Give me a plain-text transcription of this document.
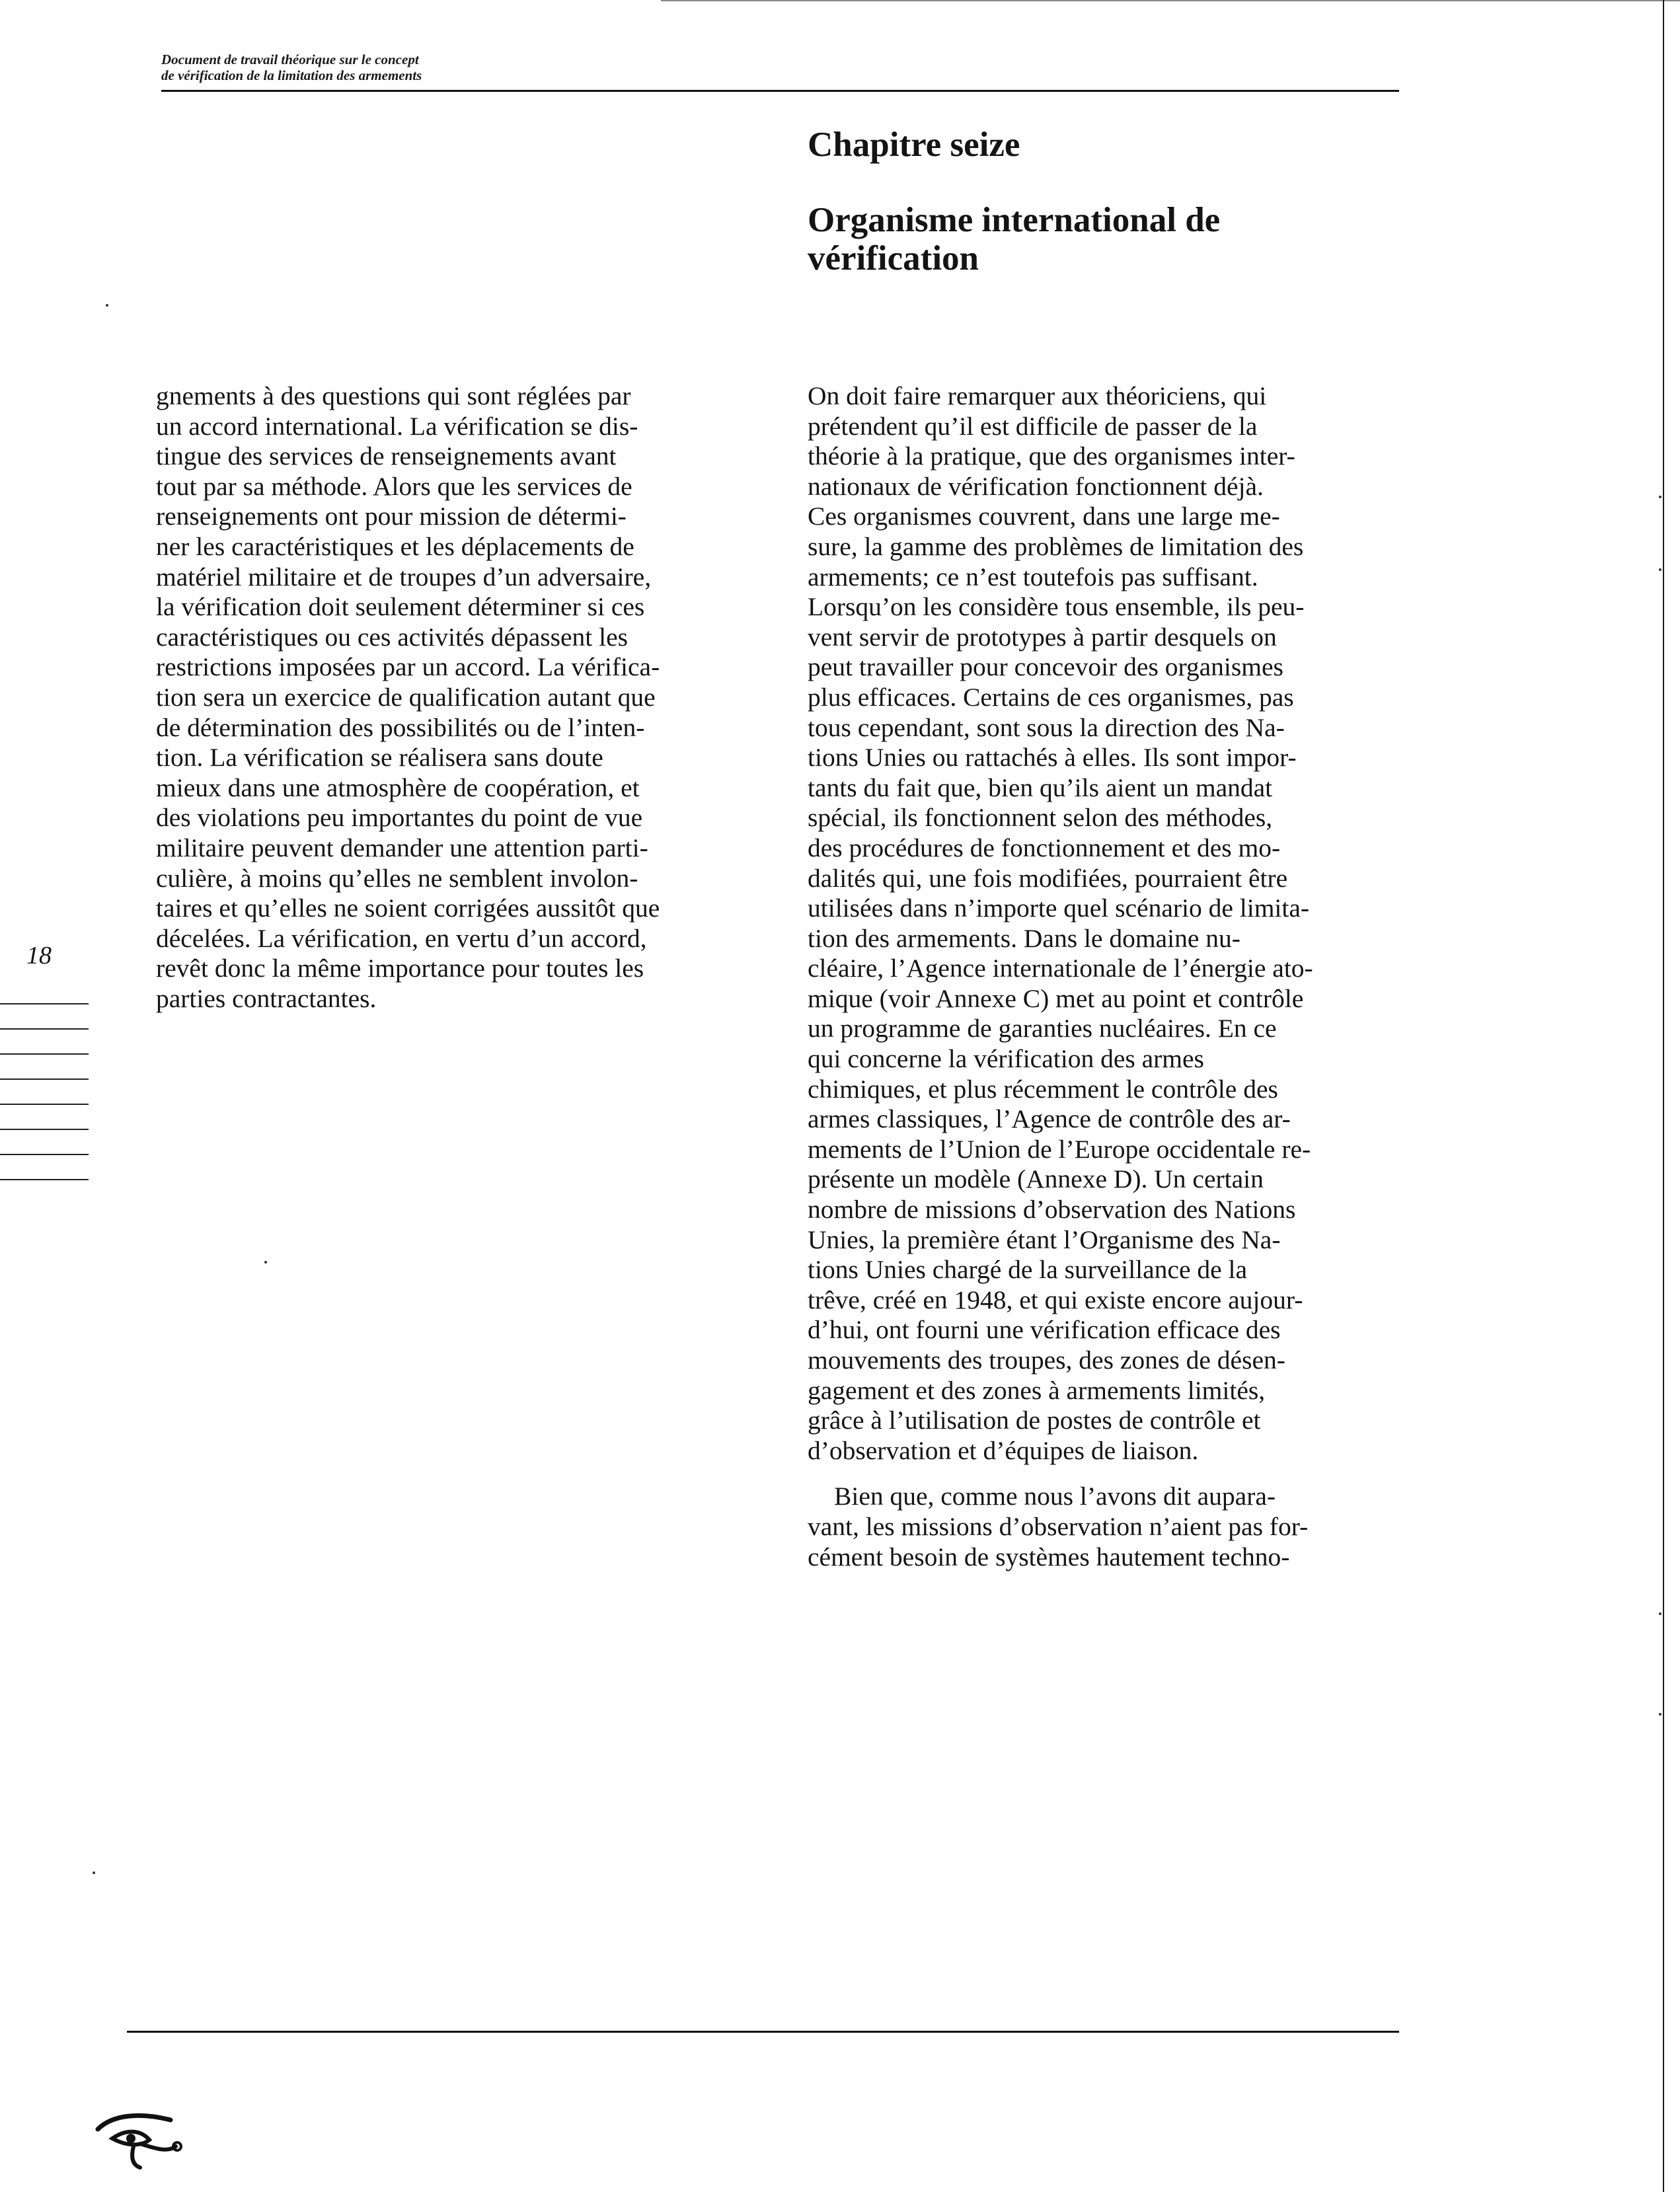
Document de travail théorique sur le concept
de vérification de la limitation des armements
Chapitre seize
Organisme international de
vérification
gnements à des questions qui sont réglées par
un accord international. La vérification se dis-
tingue des services de renseignements avant
tout par sa méthode. Alors que les services de
renseignements ont pour mission de détermi-
ner les caractéristiques et les déplacements de
matériel militaire et de troupes d’un adversaire,
la vérification doit seulement déterminer si ces
caractéristiques ou ces activités dépassent les
restrictions imposées par un accord. La vérifica-
tion sera un exercice de qualification autant que
de détermination des possibilités ou de l’inten-
tion. La vérification se réalisera sans doute
mieux dans une atmosphère de coopération, et
des violations peu importantes du point de vue
militaire peuvent demander une attention parti-
culière, à moins qu’elles ne semblent involon-
taires et qu’elles ne soient corrigées aussitôt que
décelées. La vérification, en vertu d’un accord,
revêt donc la même importance pour toutes les
parties contractantes.
On doit faire remarquer aux théoriciens, qui
prétendent qu’il est difficile de passer de la
théorie à la pratique, que des organismes inter-
nationaux de vérification fonctionnent déjà.
Ces organismes couvrent, dans une large me-
sure, la gamme des problèmes de limitation des
armements; ce n’est toutefois pas suffisant.
Lorsqu’on les considère tous ensemble, ils peu-
vent servir de prototypes à partir desquels on
peut travailler pour concevoir des organismes
plus efficaces. Certains de ces organismes, pas
tous cependant, sont sous la direction des Na-
tions Unies ou rattachés à elles. Ils sont impor-
tants du fait que, bien qu’ils aient un mandat
spécial, ils fonctionnent selon des méthodes,
des procédures de fonctionnement et des mo-
dalités qui, une fois modifiées, pourraient être
utilisées dans n’importe quel scénario de limita-
tion des armements. Dans le domaine nu-
cléaire, l’Agence internationale de l’énergie ato-
mique (voir Annexe C) met au point et contrôle
un programme de garanties nucléaires. En ce
qui concerne la vérification des armes
chimiques, et plus récemment le contrôle des
armes classiques, l’Agence de contrôle des ar-
mements de l’Union de l’Europe occidentale re-
présente un modèle (Annexe D). Un certain
nombre de missions d’observation des Nations
Unies, la première étant l’Organisme des Na-
tions Unies chargé de la surveillance de la
trêve, créé en 1948, et qui existe encore aujour-
d’hui, ont fourni une vérification efficace des
mouvements des troupes, des zones de désen-
gagement et des zones à armements limités,
grâce à l’utilisation de postes de contrôle et
d’observation et d’équipes de liaison.
Bien que, comme nous l’avons dit aupara-
vant, les missions d’observation n’aient pas for-
cément besoin de systèmes hautement techno-
18
